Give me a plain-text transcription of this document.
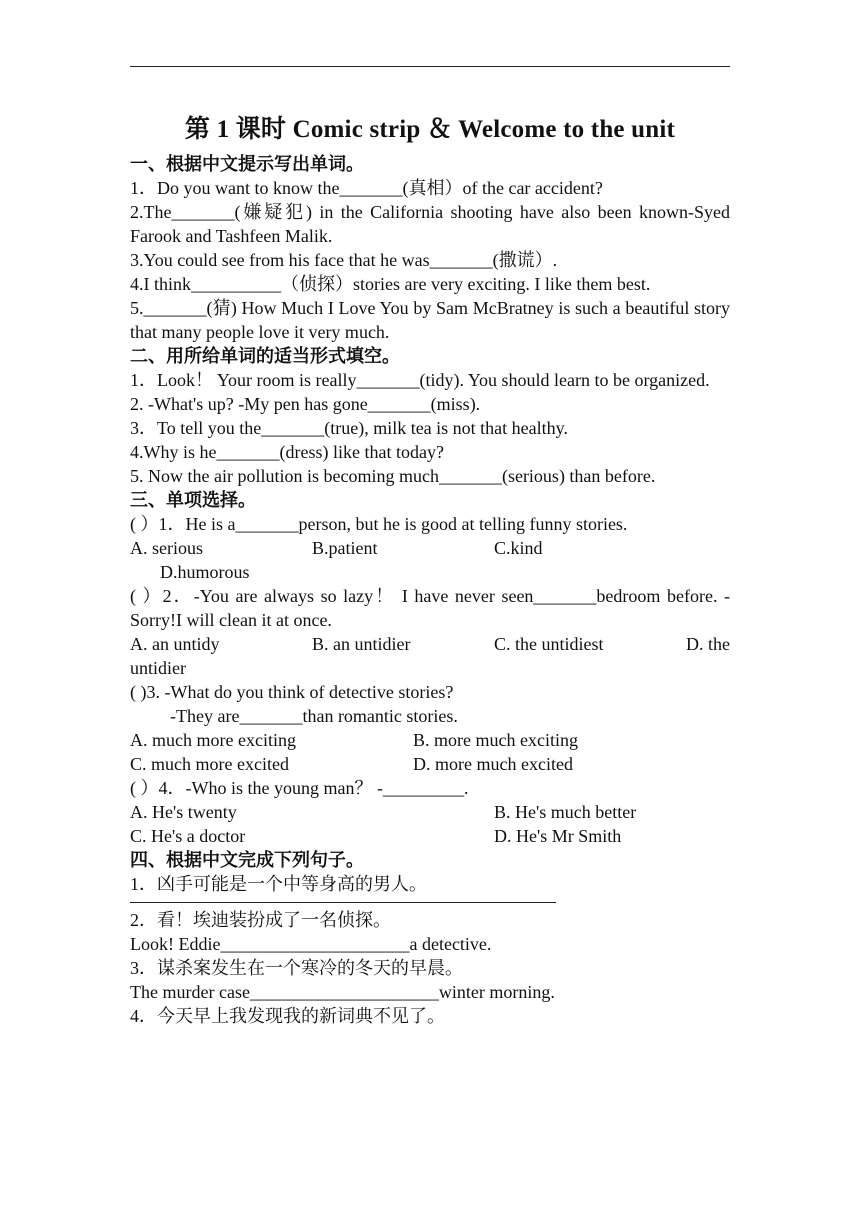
第 1 课时 Comic strip ＆ Welcome to the unit
一、根据中文提示写出单词。
1．Do you want to know the_______(真相）of the car accident?
2.The_______(嫌疑犯) in the California shooting have also been known-Syed Farook and Tashfeen Malik.
3.You could see from his face that he was_______(撒谎）.
4.I think__________（侦探）stories are very exciting. I like them best.
5._______(猜) How Much I Love You by Sam McBratney is such a beautiful story that many people love it very much.
二、用所给单词的适当形式填空。
1．Look！ Your room is really_______(tidy). You should learn to be organized.
2. -What's up? -My pen has gone_______(miss).
3．To tell you the_______(true), milk tea is not that healthy.
4.Why is he_______(dress) like that today?
5. Now the air pollution is becoming much_______(serious) than before.
三、单项选择。
( ）1．He is a_______person, but he is good at telling funny stories.
A. serious	B.patient	C.kind
D.humorous
( ）2．-You are always so lazy！ I have never seen_______bedroom before. -Sorry!I will clean it at once.
A. an untidy	B. an untidier	C. the untidiest	D. the
untidier
( )3. -What do you think of detective stories?
-They are_______than romantic stories.
A. much more exciting	B. more much exciting
C. much more excited	D. more much excited
( ）4．-Who is the young man？ -_________.
A. He's twenty	B. He's much better
C. He's a doctor	D. He's Mr Smith
四、根据中文完成下列句子。
1．凶手可能是一个中等身高的男人。
2．看！埃迪装扮成了一名侦探。
Look! Eddie_____________________a detective.
3．谋杀案发生在一个寒冷的冬天的早晨。
The murder case_____________________winter morning.
4．今天早上我发现我的新词典不见了。
